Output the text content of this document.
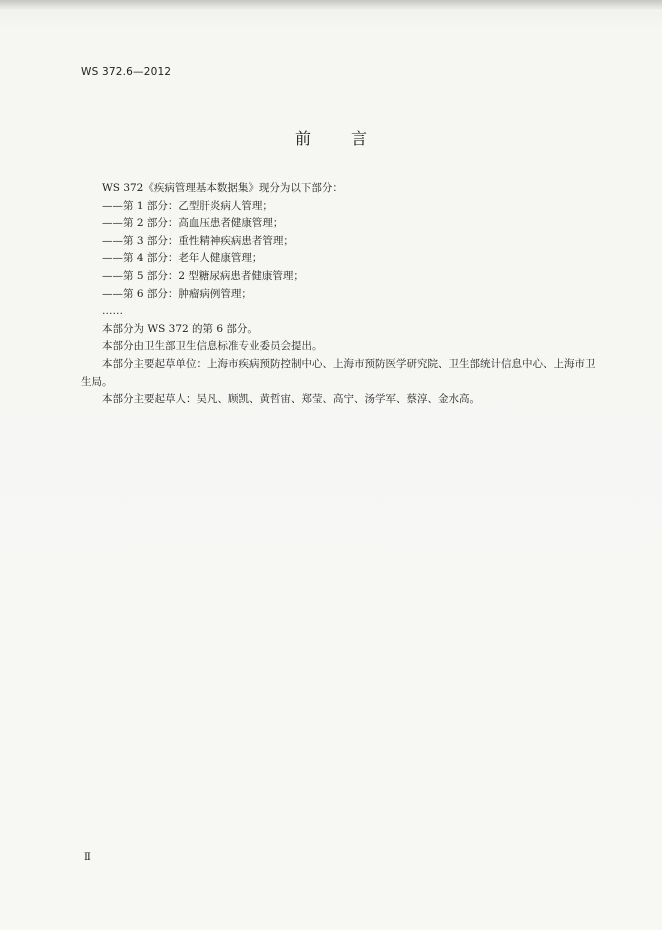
WS 372.6—2012
前言
WS 372《疾病管理基本数据集》现分为以下部分：
——第 1 部分：乙型肝炎病人管理；
——第 2 部分：高血压患者健康管理；
——第 3 部分：重性精神疾病患者管理；
——第 4 部分：老年人健康管理；
——第 5 部分：2 型糖尿病患者健康管理；
——第 6 部分：肿瘤病例管理；
……
本部分为 WS 372 的第 6 部分。
本部分由卫生部卫生信息标准专业委员会提出。
本部分主要起草单位：上海市疾病预防控制中心、上海市预防医学研究院、卫生部统计信息中心、上海市卫生局。
本部分主要起草人：吴凡、顾凯、黄哲宙、郑莹、高宁、汤学军、蔡淳、金水高。
Ⅱ
